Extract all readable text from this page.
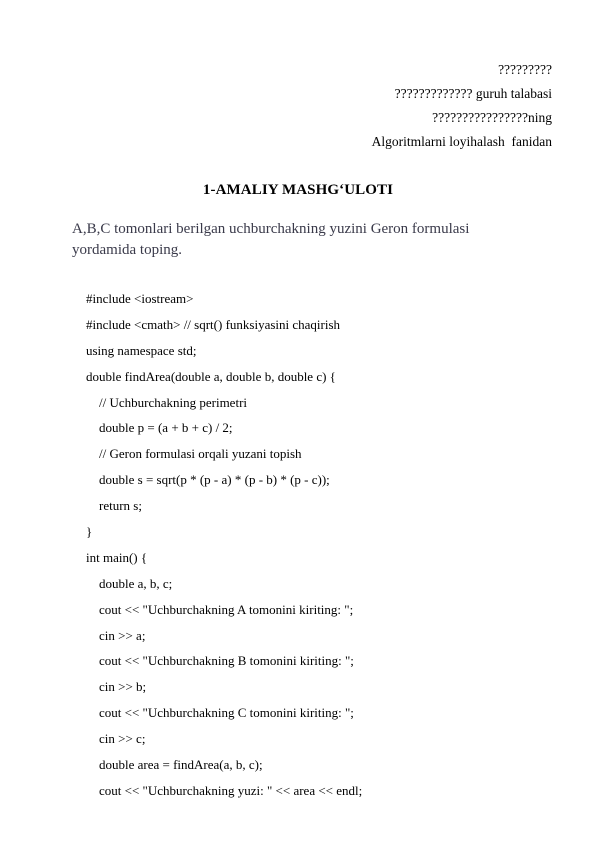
?????????
????????????? guruh talabasi
????????????????ning
Algoritmlarni loyihalash  fanidan
1-AMALIY MASHG‘ULOTI
A,B,C tomonlari berilgan uchburchakning yuzini Geron formulasi yordamida toping.
#include <iostream>
#include <cmath> // sqrt() funksiyasini chaqirish
using namespace std;
double findArea(double a, double b, double c) {
// Uchburchakning perimetri
double p = (a + b + c) / 2;
// Geron formulasi orqali yuzani topish
double s = sqrt(p * (p - a) * (p - b) * (p - c));
return s;
}
int main() {
double a, b, c;
cout << "Uchburchakning A tomonini kiriting: ";
cin >> a;
cout << "Uchburchakning B tomonini kiriting: ";
cin >> b;
cout << "Uchburchakning C tomonini kiriting: ";
cin >> c;
double area = findArea(a, b, c);
cout << "Uchburchakning yuzi: " << area << endl;
